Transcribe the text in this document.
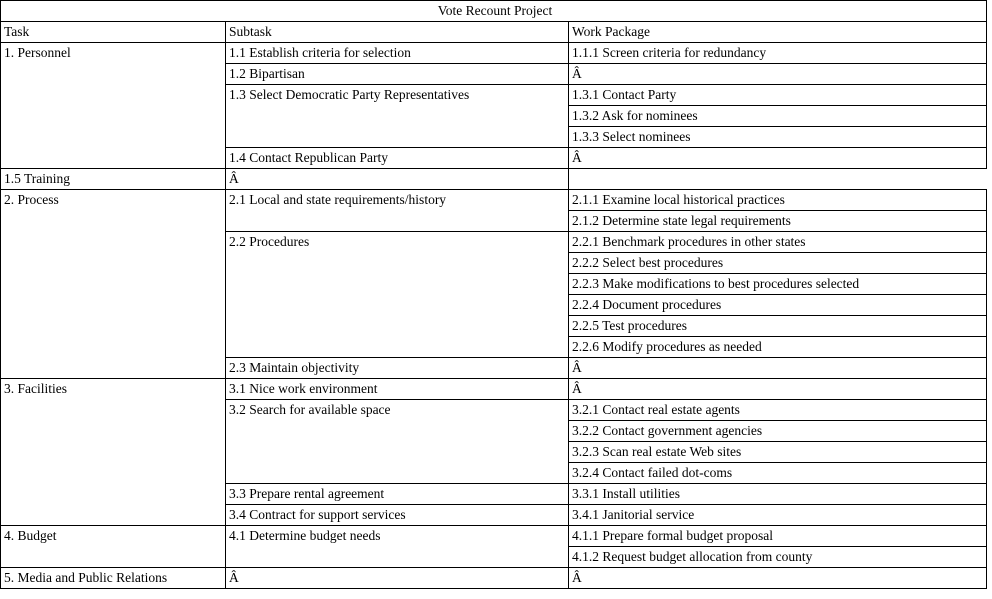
Vote Recount Project		
Task	Subtask	Work Package
1. Personnel	1.1 Establish criteria for selection	1.1.1 Screen criteria for redundancy
	1.2 Bipartisan	Â
	1.3 Select Democratic Party Representatives	1.3.1 Contact Party
		1.3.2 Ask for nominees
		1.3.3 Select nominees
	1.4 Contact Republican Party	Â
1.5 Training	Â	
2. Process	2.1 Local and state requirements/history	2.1.1 Examine local historical practices
		2.1.2 Determine state legal requirements
	2.2 Procedures	2.2.1 Benchmark procedures in other states
		2.2.2 Select best procedures
		2.2.3 Make modifications to best procedures selected
		2.2.4 Document procedures
		2.2.5 Test procedures
		2.2.6 Modify procedures as needed
	2.3 Maintain objectivity	Â
3. Facilities	3.1 Nice work environment	Â
	3.2 Search for available space	3.2.1 Contact real estate agents
		3.2.2 Contact government agencies
		3.2.3 Scan real estate Web sites
		3.2.4 Contact failed dot-coms
	3.3 Prepare rental agreement	3.3.1 Install utilities
	3.4 Contract for support services	3.4.1 Janitorial service
4. Budget	4.1 Determine budget needs	4.1.1 Prepare formal budget proposal
		4.1.2 Request budget allocation from county
5. Media and Public Relations	Â	Â
